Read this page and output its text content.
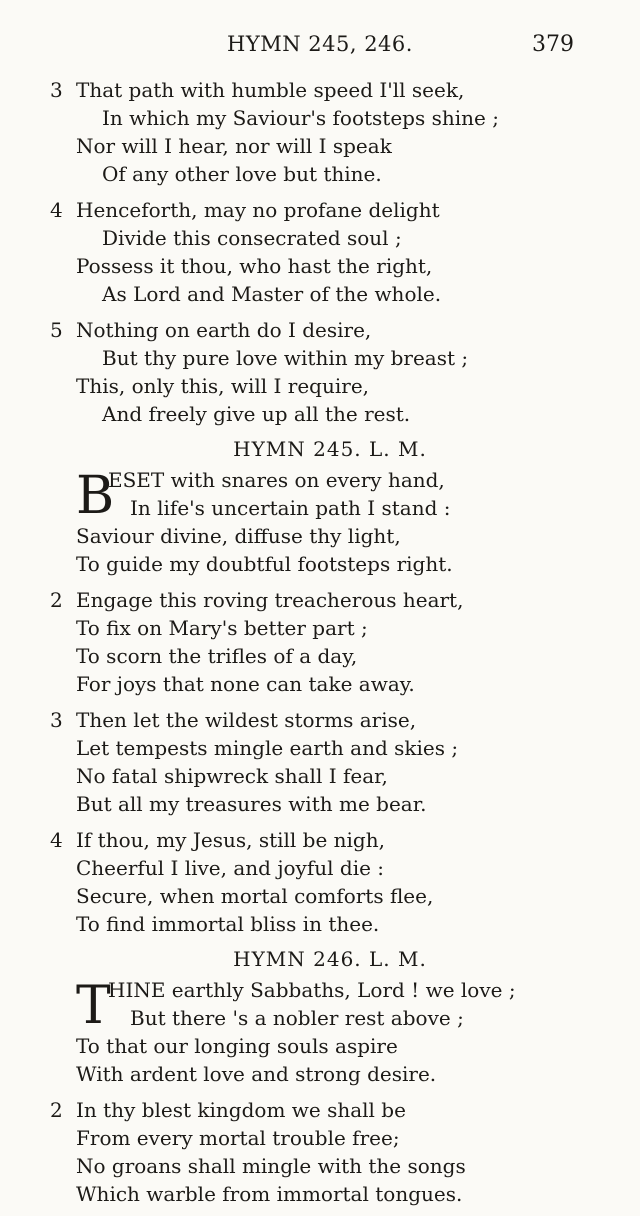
HYMN 245, 246.	379
3 That path with humble speed I'll seek,
In which my Saviour's footsteps shine ;
Nor will I hear, nor will I speak
Of any other love but thine.
4 Henceforth, may no profane delight
Divide this consecrated soul ;
Possess it thou, who hast the right,
As Lord and Master of the whole.
5 Nothing on earth do I desire,
But thy pure love within my breast ;
This, only this, will I require,
And freely give up all the rest.
HYMN 245. L. M.
B
ESET with snares on every hand,
In life's uncertain path I stand :
Saviour divine, diffuse thy light,
To guide my doubtful footsteps right.
2 Engage this roving treacherous heart,
To fix on Mary's better part ;
To scorn the trifles of a day,
For joys that none can take away.
3 Then let the wildest storms arise,
Let tempests mingle earth and skies ;
No fatal shipwreck shall I fear,
But all my treasures with me bear.
4 If thou, my Jesus, still be nigh,
Cheerful I live, and joyful die :
Secure, when mortal comforts flee,
To find immortal bliss in thee.
HYMN 246. L. M.
T
HINE earthly Sabbaths, Lord ! we love ;
But there 's a nobler rest above ;
To that our longing souls aspire
With ardent love and strong desire.
2 In thy blest kingdom we shall be
From every mortal trouble free;
No groans shall mingle with the songs
Which warble from immortal tongues.
